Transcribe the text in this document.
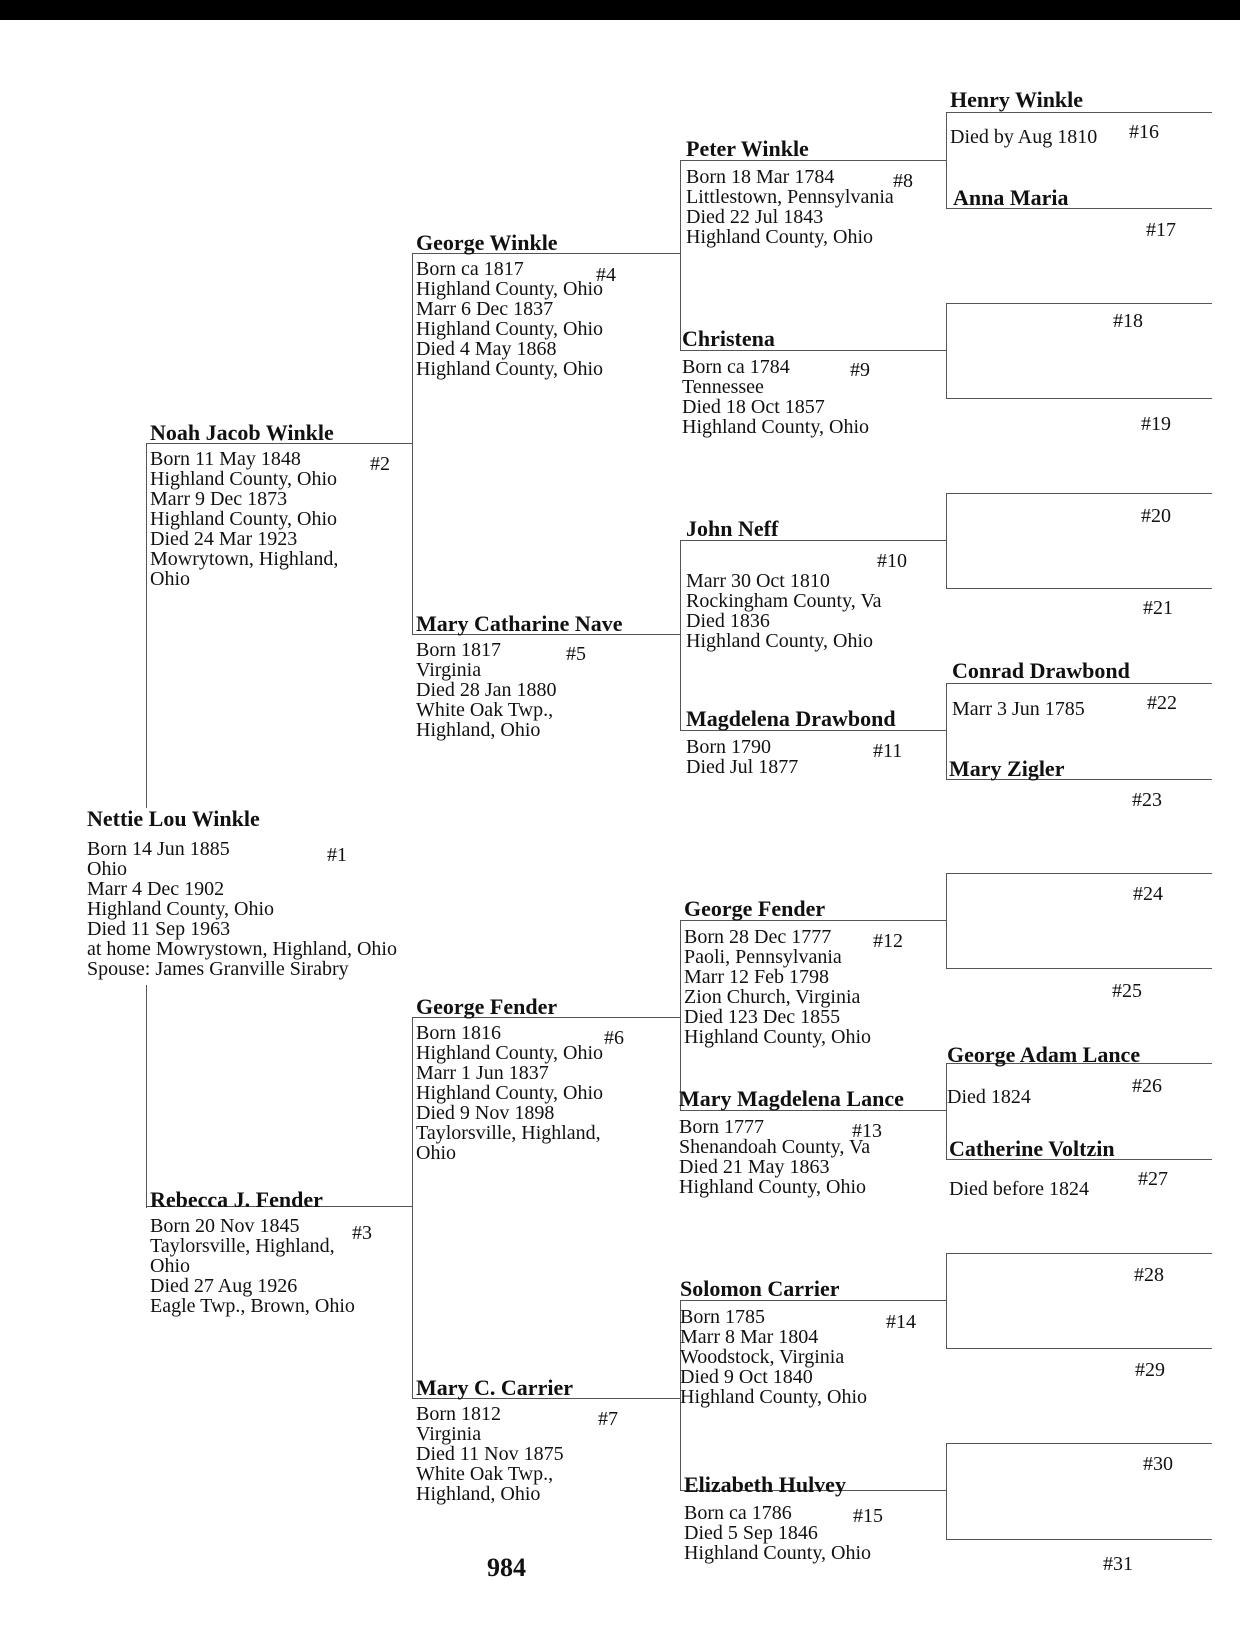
Nettie Lou Winkle
Born 14 Jun 1885
Ohio
Marr 4 Dec 1902
Highland County, Ohio
Died 11 Sep 1963
at home Mowrystown, Highland, Ohio
Spouse: James Granville Sirabry
#1
Noah Jacob Winkle
Born 11 May 1848
Highland County, Ohio
Marr 9 Dec 1873
Highland County, Ohio
Died 24 Mar 1923
Mowrytown, Highland,
Ohio
#2
Rebecca J. Fender
Born 20 Nov 1845
Taylorsville, Highland,
Ohio
Died 27 Aug 1926
Eagle Twp., Brown, Ohio
#3
George Winkle
Born ca 1817
Highland County, Ohio
Marr 6 Dec 1837
Highland County, Ohio
Died 4 May 1868
Highland County, Ohio
#4
Mary Catharine Nave
Born 1817
Virginia
Died 28 Jan 1880
White Oak Twp.,
Highland, Ohio
#5
George Fender
Born 1816
Highland County, Ohio
Marr 1 Jun 1837
Highland County, Ohio
Died 9 Nov 1898
Taylorsville, Highland,
Ohio
#6
Mary C. Carrier
Born 1812
Virginia
Died 11 Nov 1875
White Oak Twp.,
Highland, Ohio
#7
Peter Winkle
Born 18 Mar 1784
Littlestown, Pennsylvania
Died 22 Jul 1843
Highland County, Ohio
#8
Christena
Born ca 1784
Tennessee
Died 18 Oct 1857
Highland County, Ohio
#9
John Neff
Marr 30 Oct 1810
Rockingham County, Va
Died 1836
Highland County, Ohio
#10
Magdelena Drawbond
Born 1790
Died Jul 1877
#11
George Fender
Born 28 Dec 1777
Paoli, Pennsylvania
Marr 12 Feb 1798
Zion Church, Virginia
Died 123 Dec 1855
Highland County, Ohio
#12
Mary Magdelena Lance
Born 1777
Shenandoah County, Va
Died 21 May 1863
Highland County, Ohio
#13
Solomon Carrier
Born 1785
Marr 8 Mar 1804
Woodstock, Virginia
Died 9 Oct 1840
Highland County, Ohio
#14
Elizabeth Hulvey
Born ca 1786
Died 5 Sep 1846
Highland County, Ohio
#15
Henry Winkle
Died by Aug 1810 #16
Anna Maria
#17
#18
#19
#20
#21
Conrad Drawbond
Marr 3 Jun 1785	#22
Mary Zigler
#23
#24
#25
George Adam Lance
Died 1824	#26
Catherine Voltzin
Died before 1824	#27
#28
#29
#30
#31
984
